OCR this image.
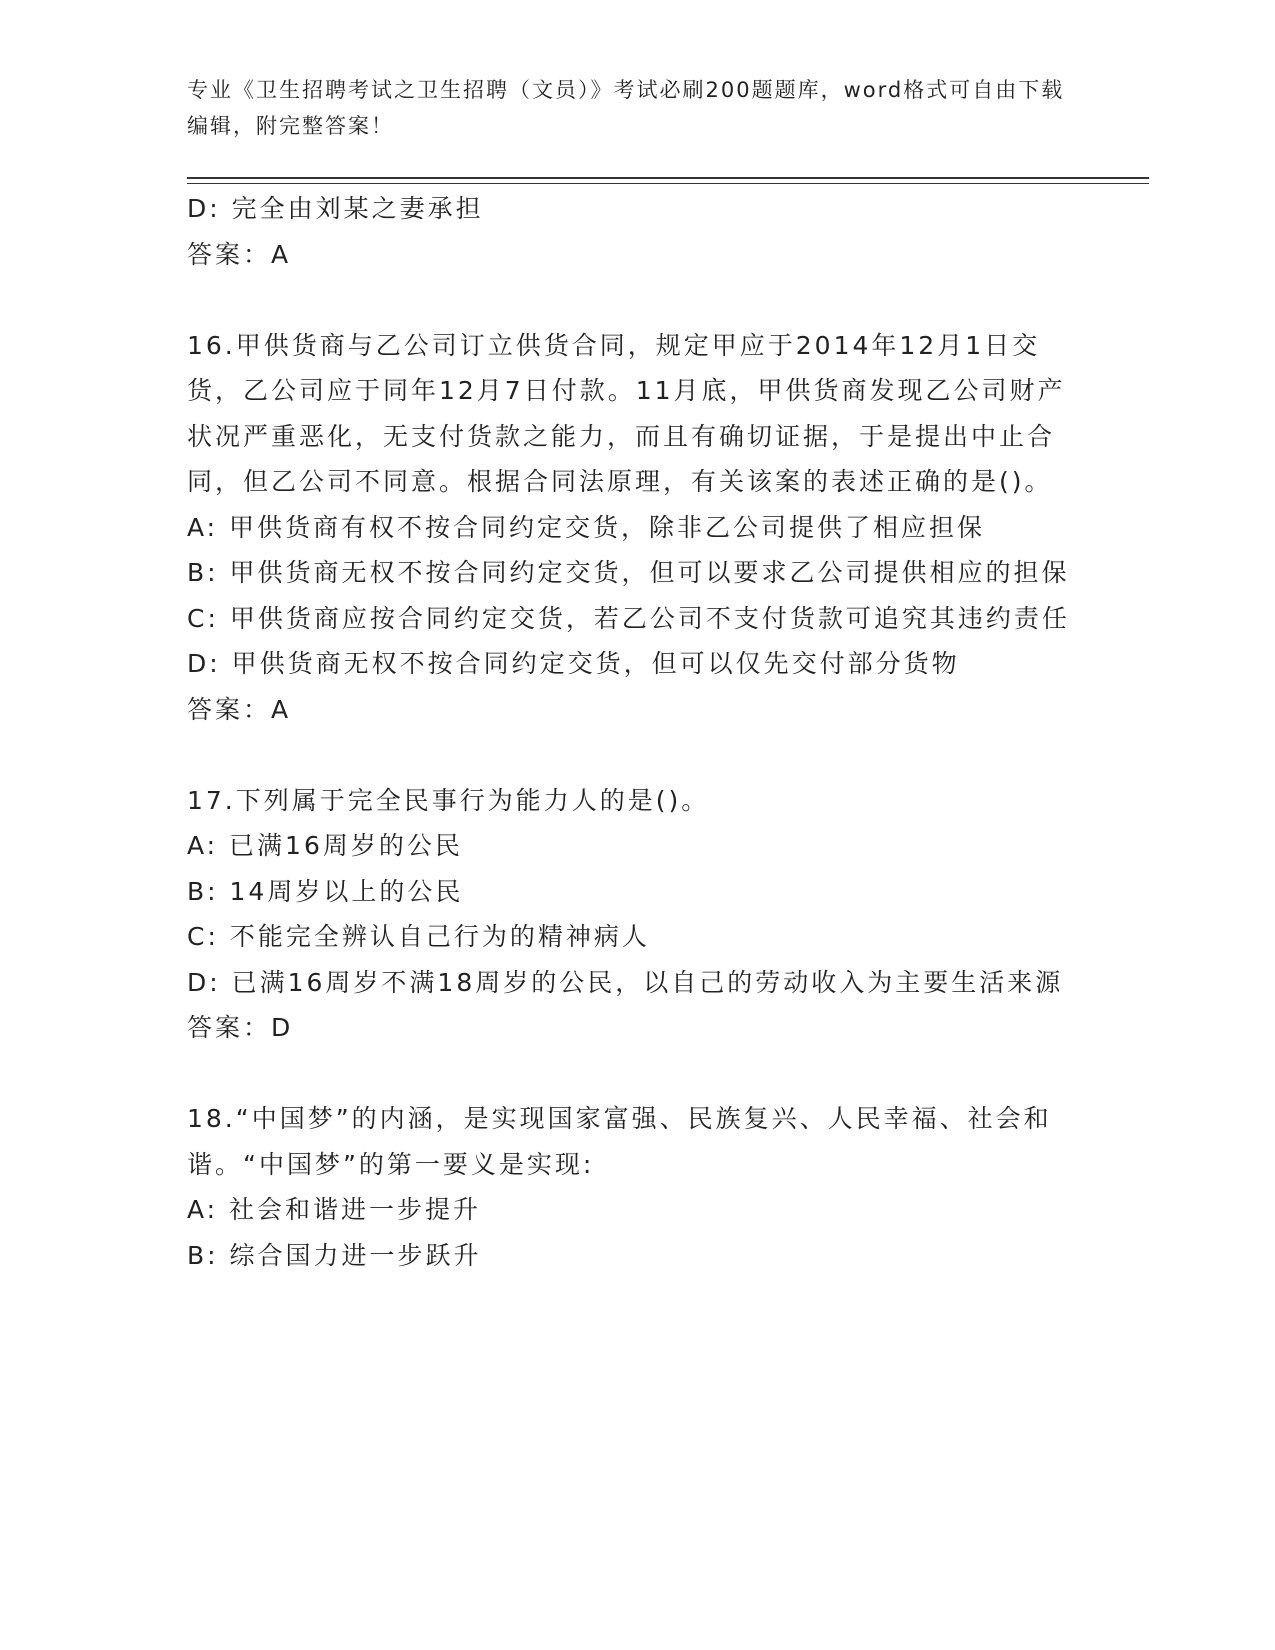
专业《卫生招聘考试之卫生招聘（文员）》考试必刷200题题库，word格式可自由下载编辑，附完整答案！

D: 完全由刘某之妻承担

答案：A

16.甲供货商与乙公司订立供货合同，规定甲应于2014年12月1日交货，乙公司应于同年12月7日付款。11月底，甲供货商发现乙公司财产状况严重恶化，无支付货款之能力，而且有确切证据，于是提出中止合同，但乙公司不同意。根据合同法原理，有关该案的表述正确的是()。

A: 甲供货商有权不按合同约定交货，除非乙公司提供了相应担保

B: 甲供货商无权不按合同约定交货，但可以要求乙公司提供相应的担保

C: 甲供货商应按合同约定交货，若乙公司不支付货款可追究其违约责任

D: 甲供货商无权不按合同约定交货，但可以仅先交付部分货物

答案：A

17.下列属于完全民事行为能力人的是()。

A: 已满16周岁的公民

B: 14周岁以上的公民

C: 不能完全辨认自己行为的精神病人

D: 已满16周岁不满18周岁的公民，以自己的劳动收入为主要生活来源

答案：D

18.“中国梦”的内涵，是实现国家富强、民族复兴、人民幸福、社会和谐。“中国梦”的第一要义是实现:

A: 社会和谐进一步提升

B: 综合国力进一步跃升
